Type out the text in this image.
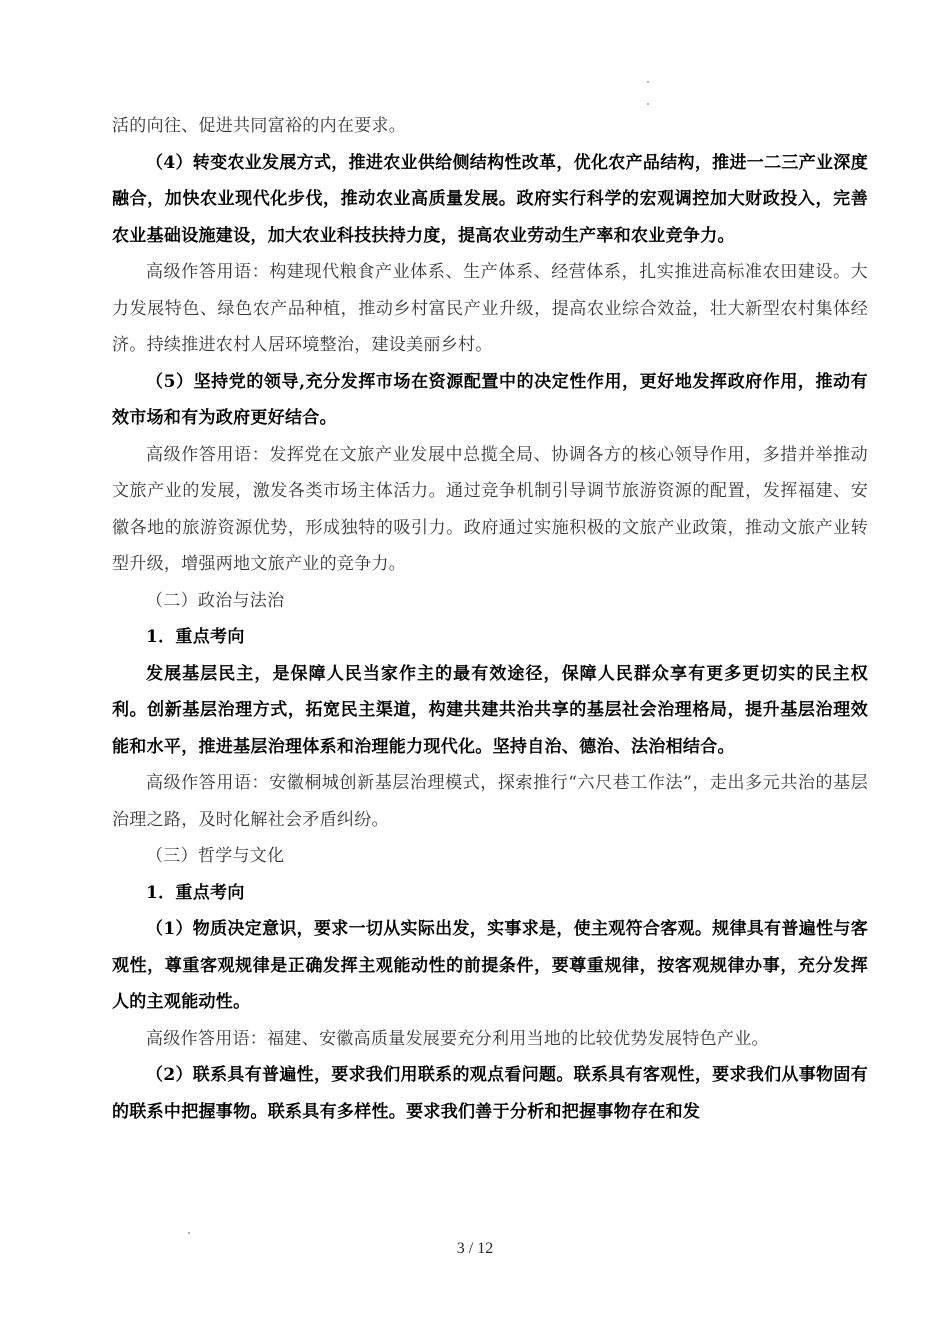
活的向往、促进共同富裕的内在要求。

（4）转变农业发展方式，推进农业供给侧结构性改革，优化农产品结构，推进一二三产业深度融合，加快农业现代化步伐，推动农业高质量发展。政府实行科学的宏观调控加大财政投入，完善农业基础设施建设，加大农业科技扶持力度，提高农业劳动生产率和农业竞争力。

高级作答用语：构建现代粮食产业体系、生产体系、经营体系，扎实推进高标准农田建设。大力发展特色、绿色农产品种植，推动乡村富民产业升级，提高农业综合效益，壮大新型农村集体经济。持续推进农村人居环境整治，建设美丽乡村。

（5）坚持党的领导,充分发挥市场在资源配置中的决定性作用，更好地发挥政府作用，推动有效市场和有为政府更好结合。

高级作答用语：发挥党在文旅产业发展中总揽全局、协调各方的核心领导作用，多措并举推动文旅产业的发展，激发各类市场主体活力。通过竞争机制引导调节旅游资源的配置，发挥福建、安徽各地的旅游资源优势，形成独特的吸引力。政府通过实施积极的文旅产业政策，推动文旅产业转型升级，增强两地文旅产业的竞争力。

（二）政治与法治

1．重点考向

发展基层民主，是保障人民当家作主的最有效途径，保障人民群众享有更多更切实的民主权利。创新基层治理方式，拓宽民主渠道，构建共建共治共享的基层社会治理格局，提升基层治理效能和水平，推进基层治理体系和治理能力现代化。坚持自治、德治、法治相结合。

高级作答用语：安徽桐城创新基层治理模式，探索推行“六尺巷工作法”，走出多元共治的基层治理之路，及时化解社会矛盾纠纷。

（三）哲学与文化

1．重点考向

（1）物质决定意识，要求一切从实际出发，实事求是，使主观符合客观。规律具有普遍性与客观性，尊重客观规律是正确发挥主观能动性的前提条件，要尊重规律，按客观规律办事，充分发挥人的主观能动性。

高级作答用语：福建、安徽高质量发展要充分利用当地的比较优势发展特色产业。

（2）联系具有普遍性，要求我们用联系的观点看问题。联系具有客观性，要求我们从事物固有的联系中把握事物。联系具有多样性。要求我们善于分析和把握事物存在和发

3 / 12
